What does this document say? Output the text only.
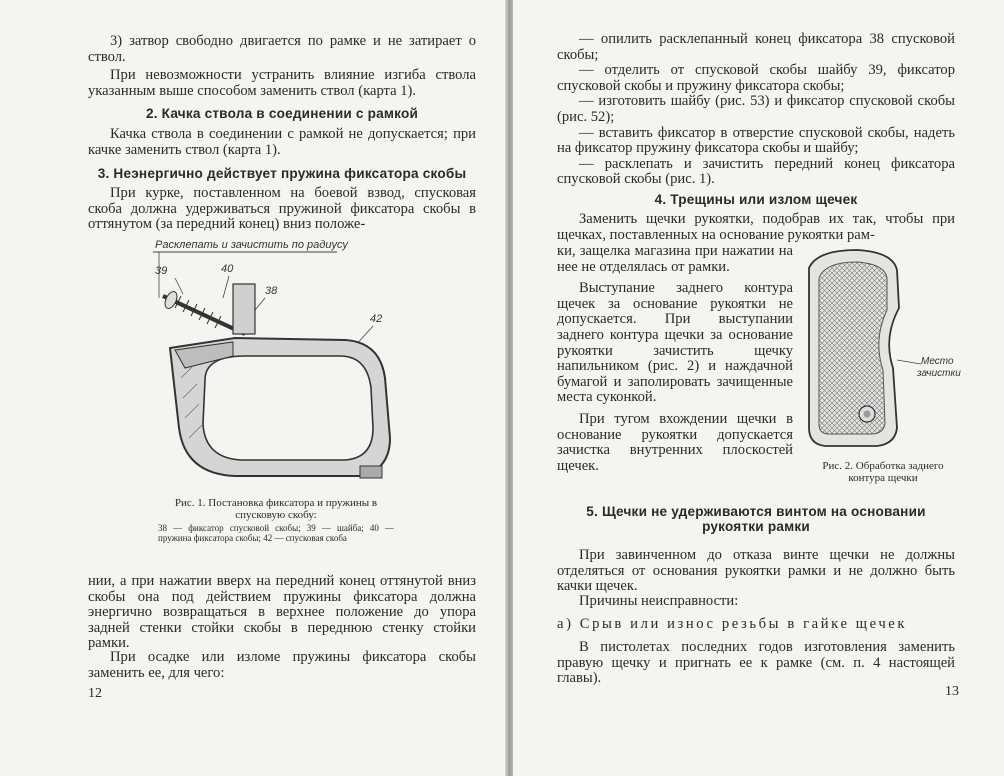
3) затвор свободно двигается по рамке и не затирает о ствол.

При невозможности устранить влияние изгиба ствола указанным выше способом заменить ствол (карта 1).

2. Качка ствола в соединении с рамкой

Качка ствола в соединении с рамкой не допускается; при качке заменить ствол (карта 1).

3. Неэнергично действует пружина фиксатора скобы

При курке, поставленном на боевой взвод, спусковая скоба должна удерживаться пружиной фиксатора скобы в оттянутом (за передний конец) вниз положе-

Расклепать и зачистить по радиусу
39	40
38
42
Рис. 1. Постановка фиксатора и пружины в спусковую скобу:
38 — фиксатор спусковой скобы; 39 — шайба; 40 — пружина фиксатора скобы; 42 — спусковая скоба

нии, а при нажатии вверх на передний конец оттянутой вниз скобы она под действием пружины фиксатора должна энергично возвращаться в верхнее положение до упора задней стенки стойки скобы в переднюю стенку стойки рамки.

При осадке или изломе пружины фиксатора скобы заменить ее, для чего:

12

— опилить расклепанный конец фиксатора 38 спусковой скобы;

— отделить от спусковой скобы шайбу 39, фиксатор спусковой скобы и пружину фиксатора скобы;

— изготовить шайбу (рис. 53) и фиксатор спусковой скобы (рис. 52);

— вставить фиксатор в отверстие спусковой скобы, надеть на фиксатор пружину фиксатора скобы и шайбу;

— расклепать и зачистить передний конец фиксатора спусковой скобы (рис. 1).

4. Трещины или излом щечек

Заменить щечки рукоятки, подобрав их так, чтобы при щечках, поставленных на основание рукоятки рам-

ки, защелка магазина при нажатии на нее не отделялась от рамки.

Выступание заднего контура щечек за основание рукоятки не допускается. При выступании заднего контура щечки за основание рукоятки зачистить щечку напильником (рис. 2) и наждачной бумагой и заполировать зачищенные места суконкой.

При тугом вхождении щечки в основание рукоятки допускается зачистка внутренних плоскостей щечек.

Место
зачистки
Рис. 2. Обработка заднего контура щечки
5. Щечки не удерживаются винтом на основании рукоятки рамки

При завинченном до отказа винте щечки не должны отделяться от основания рукоятки рамки и не должно быть качки щечек.

Причины неисправности:

а) Срыв или износ резьбы в гайке щечек

В пистолетах последних годов изготовления заменить правую щечку и пригнать ее к рамке (см. п. 4 настоящей главы).

13
